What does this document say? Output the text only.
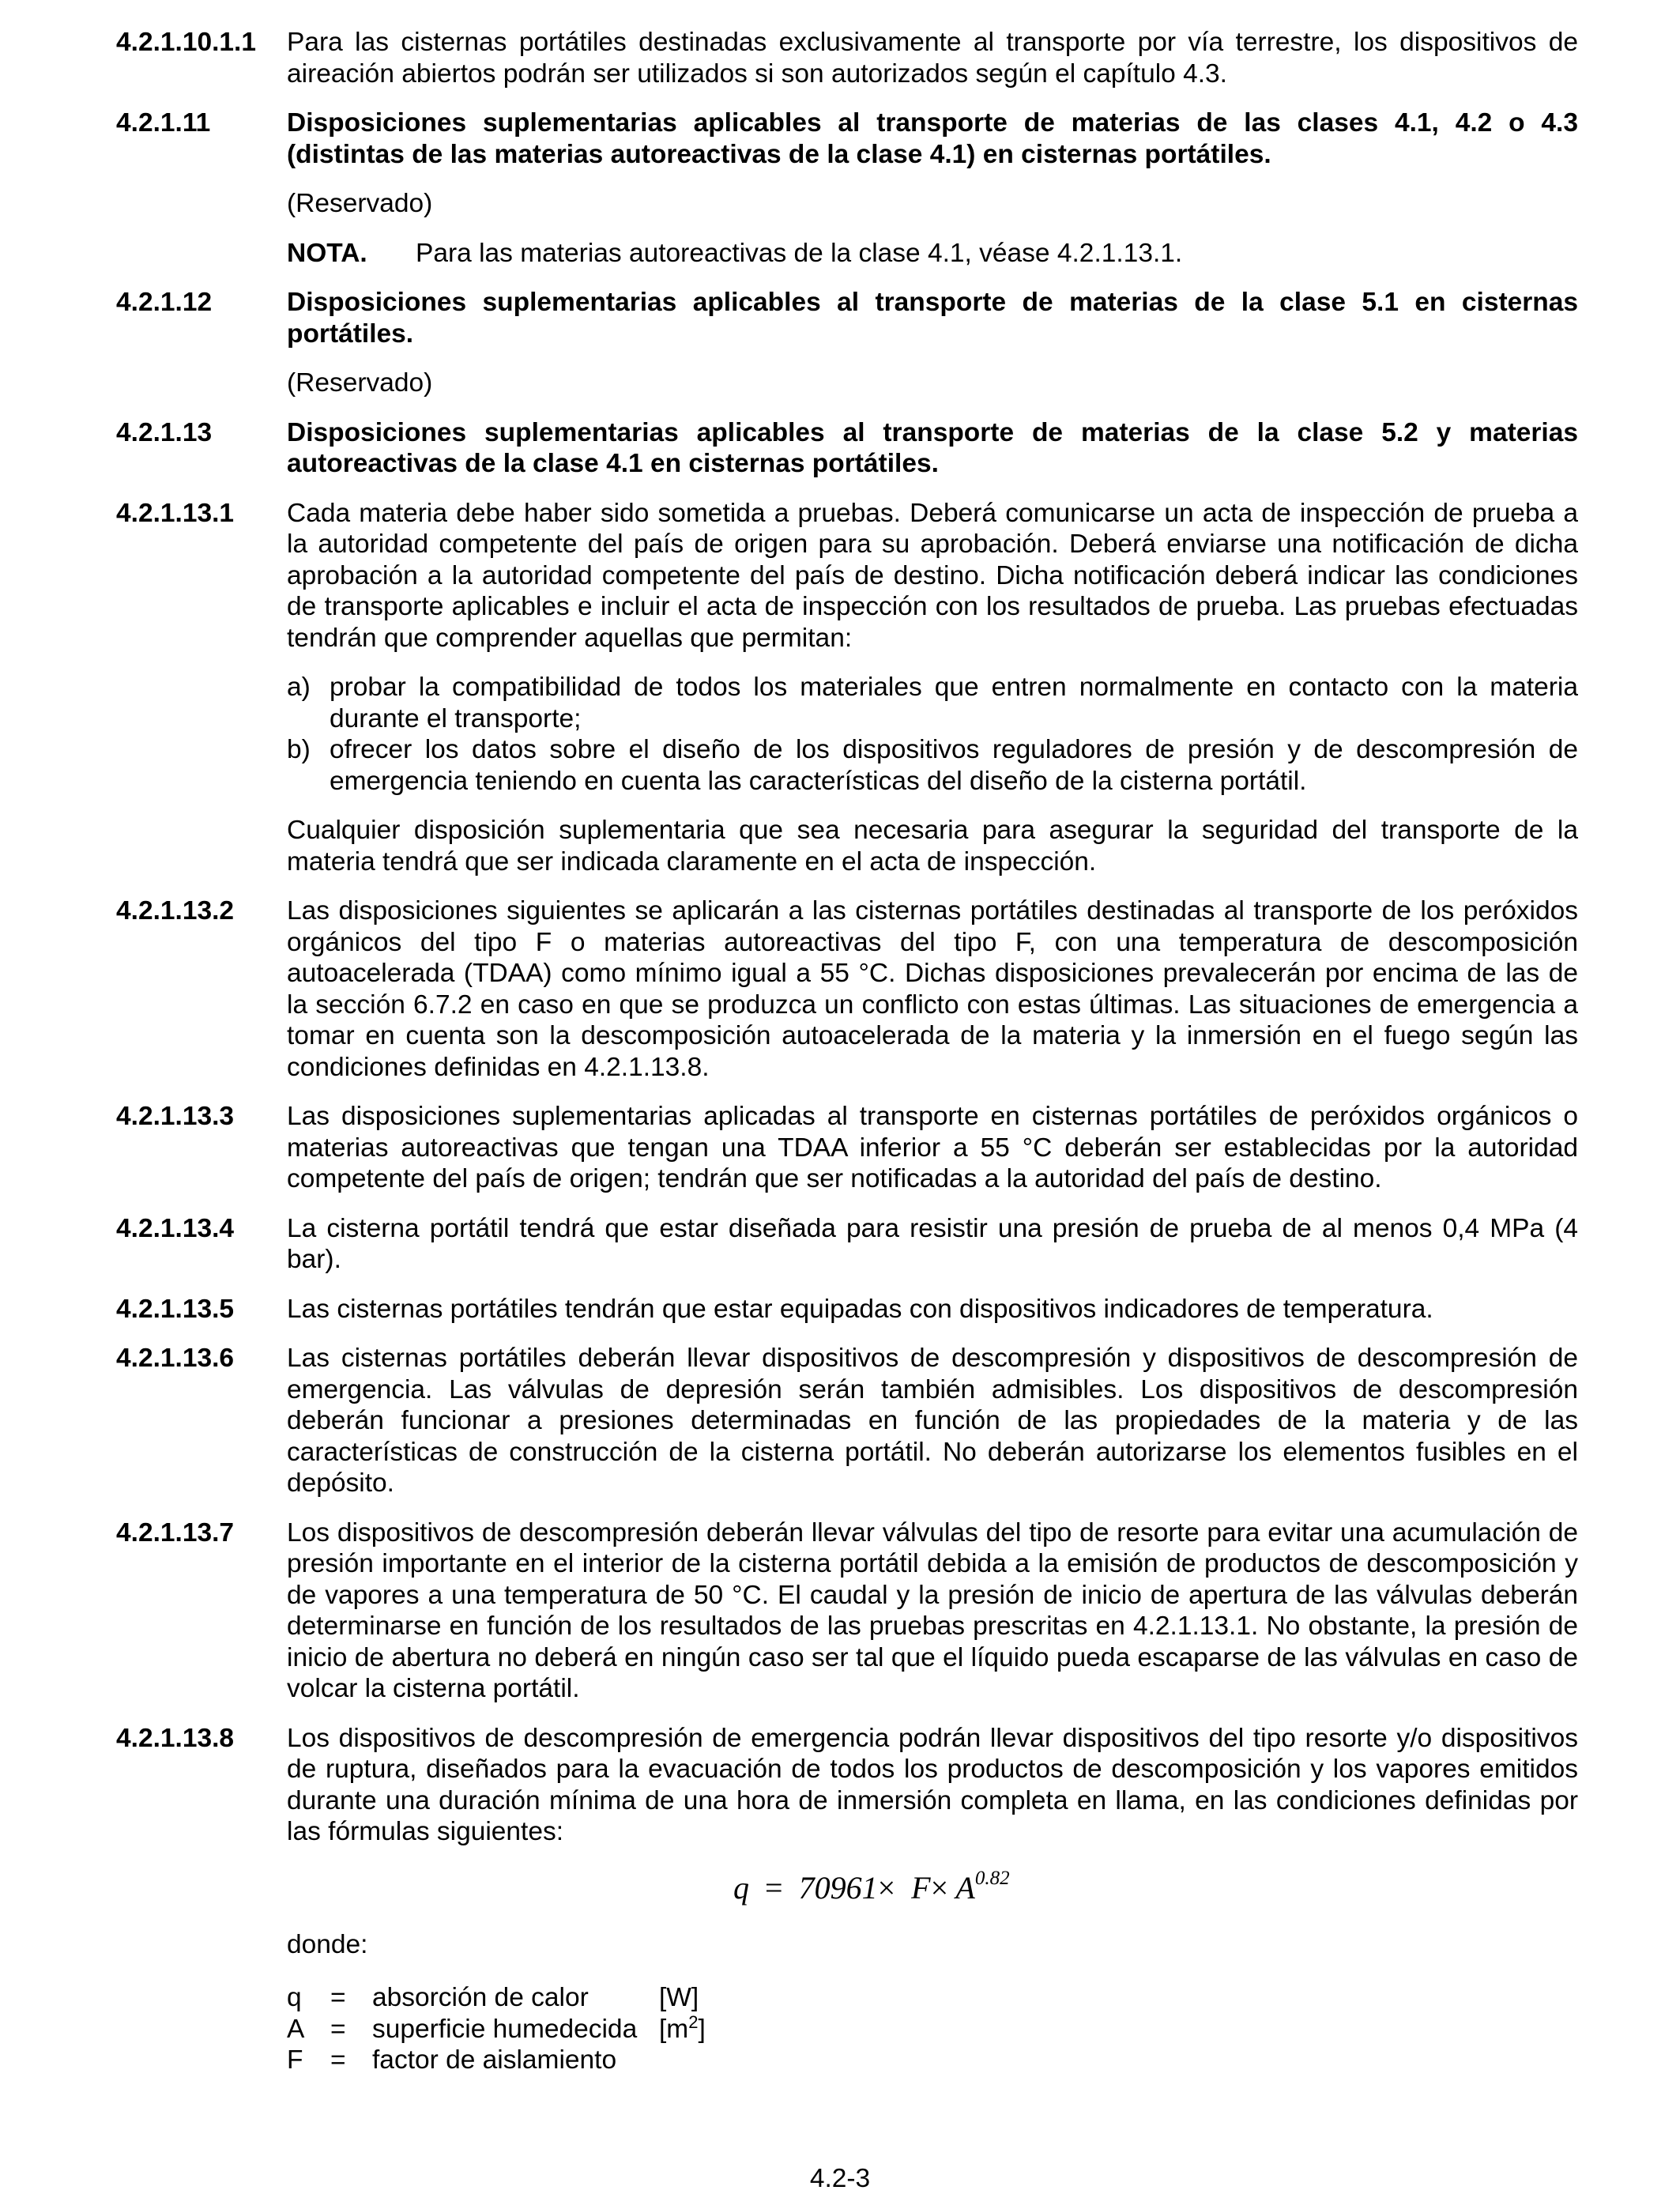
4.2.1.10.1.1 Para las cisternas portátiles destinadas exclusivamente al transporte por vía terrestre, los dispositivos de aireación abiertos podrán ser utilizados si son autorizados según el capítulo 4.3.
4.2.1.11	Disposiciones suplementarias aplicables al transporte de materias de las clases 4.1, 4.2 o 4.3 (distintas de las materias autoreactivas de la clase 4.1) en cisternas portátiles.
(Reservado)
NOTA. Para las materias autoreactivas de la clase 4.1, véase 4.2.1.13.1.
4.2.1.12	Disposiciones suplementarias aplicables al transporte de materias de la clase 5.1 en cisternas portátiles.
(Reservado)
4.2.1.13	Disposiciones suplementarias aplicables al transporte de materias de la clase 5.2 y materias autoreactivas de la clase 4.1 en cisternas portátiles.
4.2.1.13.1 Cada materia debe haber sido sometida a pruebas. Deberá comunicarse un acta de inspección de prueba a la autoridad competente del país de origen para su aprobación. Deberá enviarse una notificación de dicha aprobación a la autoridad competente del país de destino. Dicha notificación deberá indicar las condiciones de transporte aplicables e incluir el acta de inspección con los resultados de prueba. Las pruebas efectuadas tendrán que comprender aquellas que permitan:
a) probar la compatibilidad de todos los materiales que entren normalmente en contacto con la materia durante el transporte;
b) ofrecer los datos sobre el diseño de los dispositivos reguladores de presión y de descompresión de emergencia teniendo en cuenta las características del diseño de la cisterna portátil.
Cualquier disposición suplementaria que sea necesaria para asegurar la seguridad del transporte de la materia tendrá que ser indicada claramente en el acta de inspección.
4.2.1.13.2 Las disposiciones siguientes se aplicarán a las cisternas portátiles destinadas al transporte de los peróxidos orgánicos del tipo F o materias autoreactivas del tipo F, con una temperatura de descomposición autoacelerada (TDAA) como mínimo igual a 55 °C. Dichas disposiciones prevalecerán por encima de las de la sección 6.7.2 en caso en que se produzca un conflicto con estas últimas. Las situaciones de emergencia a tomar en cuenta son la descomposición autoacelerada de la materia y la inmersión en el fuego según las condiciones definidas en 4.2.1.13.8.
4.2.1.13.3 Las disposiciones suplementarias aplicadas al transporte en cisternas portátiles de peróxidos orgánicos o materias autoreactivas que tengan una TDAA inferior a 55 °C deberán ser establecidas por la autoridad competente del país de origen; tendrán que ser notificadas a la autoridad del país de destino.
4.2.1.13.4 La cisterna portátil tendrá que estar diseñada para resistir una presión de prueba de al menos 0,4 MPa (4 bar).
4.2.1.13.5 Las cisternas portátiles tendrán que estar equipadas con dispositivos indicadores de temperatura.
4.2.1.13.6 Las cisternas portátiles deberán llevar dispositivos de descompresión y dispositivos de descompresión de emergencia. Las válvulas de depresión serán también admisibles. Los dispositivos de descompresión deberán funcionar a presiones determinadas en función de las propiedades de la materia y de las características de construcción de la cisterna portátil. No deberán autorizarse los elementos fusibles en el depósito.
4.2.1.13.7 Los dispositivos de descompresión deberán llevar válvulas del tipo de resorte para evitar una acumulación de presión importante en el interior de la cisterna portátil debida a la emisión de productos de descomposición y de vapores a una temperatura de 50 °C. El caudal y la presión de inicio de apertura de las válvulas deberán determinarse en función de los resultados de las pruebas prescritas en 4.2.1.13.1. No obstante, la presión de inicio de abertura no deberá en ningún caso ser tal que el líquido pueda escaparse de las válvulas en caso de volcar la cisterna portátil.
4.2.1.13.8 Los dispositivos de descompresión de emergencia podrán llevar dispositivos del tipo resorte y/o dispositivos de ruptura, diseñados para la evacuación de todos los productos de descomposición y los vapores emitidos durante una duración mínima de una hora de inmersión completa en llama, en las condiciones definidas por las fórmulas siguientes:
$q = 70961\times F\times A^{0.82}$
donde:
q	= absorción de calor	[W]
A = superficie humedecida $[m^2]$
F	= factor de aislamiento
4.2-3
